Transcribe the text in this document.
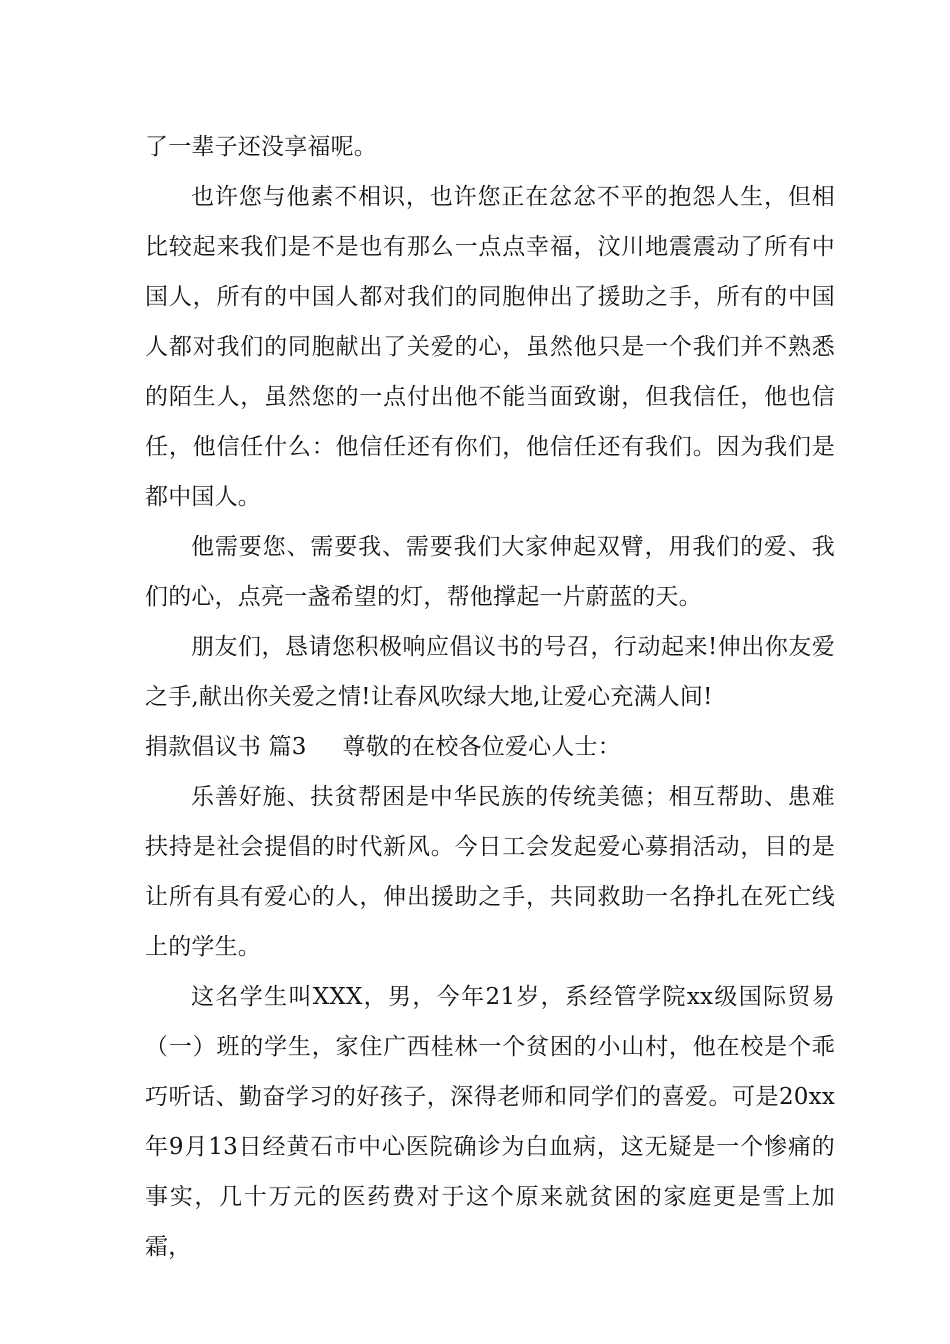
了一辈子还没享福呢。

也许您与他素不相识，也许您正在忿忿不平的抱怨人生，但相比较起来我们是不是也有那么一点点幸福，汶川地震震动了所有中国人，所有的中国人都对我们的同胞伸出了援助之手，所有的中国人都对我们的同胞献出了关爱的心，虽然他只是一个我们并不熟悉的陌生人，虽然您的一点付出他不能当面致谢，但我信任，他也信任，他信任什么：他信任还有你们，他信任还有我们。因为我们是都中国人。

他需要您、需要我、需要我们大家伸起双臂，用我们的爱、我们的心，点亮一盏希望的灯，帮他撑起一片蔚蓝的天。

朋友们，恳请您积极响应倡议书的号召，行动起来!伸出你友爱之手,献出你关爱之情!让春风吹绿大地,让爱心充满人间!

捐款倡议书 篇3 尊敬的在校各位爱心人士：

乐善好施、扶贫帮困是中华民族的传统美德；相互帮助、患难扶持是社会提倡的时代新风。今日工会发起爱心募捐活动，目的是让所有具有爱心的人，伸出援助之手，共同救助一名挣扎在死亡线上的学生。

这名学生叫XXX，男，今年21岁，系经管学院xx级国际贸易（一）班的学生，家住广西桂林一个贫困的小山村，他在校是个乖巧听话、勤奋学习的好孩子，深得老师和同学们的喜爱。可是20xx年9月13日经黄石市中心医院确诊为白血病，这无疑是一个惨痛的事实，几十万元的医药费对于这个原来就贫困的家庭更是雪上加霜，
